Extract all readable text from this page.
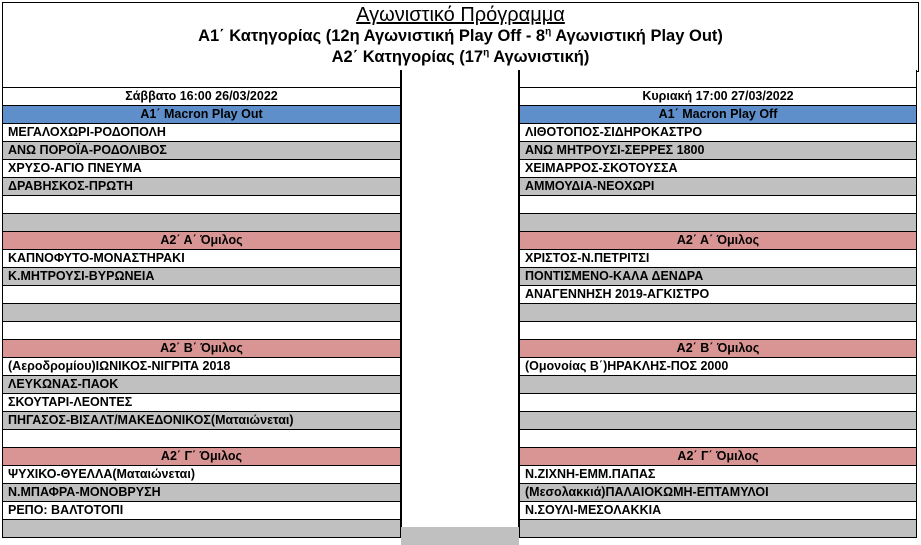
Αγωνιστικό Πρόγραμμα
Α1΄ Κατηγορίας (12η Αγωνιστική Play Off - $8^\eta$ Αγωνιστική Play Out)
Α2΄ Κατηγορίας ($17^\eta$ Αγωνιστική)
Σάββατο 16:00 26/03/2022
Α1΄ Macron Play Out
ΜΕΓΑΛΟΧΩΡΙ-ΡΟΔΟΠΟΛΗ
ΑΝΩ ΠΟΡΟΪΑ-ΡΟΔΟΛΙΒΟΣ
ΧΡΥΣΟ-ΑΓΙΟ ΠΝΕΥΜΑ
ΔΡΑΒΗΣΚΟΣ-ΠΡΩΤΗ
Α2΄ Α΄ Όμιλος
ΚΑΠΝΟΦΥΤΟ-ΜΟΝΑΣΤΗΡΑΚΙ
Κ.ΜΗΤΡΟΥΣΙ-ΒΥΡΩΝΕΙΑ
Α2΄ Β΄ Όμιλος
(Αεροδρομίου)ΙΩΝΙΚΟΣ-ΝΙΓΡΙΤΑ 2018
ΛΕΥΚΩΝΑΣ-ΠΑΟΚ
ΣΚΟΥΤΑΡΙ-ΛΕΟΝΤΕΣ
ΠΗΓΑΣΟΣ-ΒΙΣΑΛΤ/ΜΑΚΕΔΟΝΙΚΟΣ(Ματαιώνεται)
Α2΄ Γ΄ Όμιλος
ΨΥΧΙΚΟ-ΘΥΕΛΛΑ(Ματαιώνεται)
Ν.ΜΠΑΦΡΑ-ΜΟΝΟΒΡΥΣΗ
ΡΕΠΟ: ΒΑΛΤΟΤΟΠΙ
Κυριακή 17:00 27/03/2022
Α1΄ Macron Play Off
ΛΙΘΟΤΟΠΟΣ-ΣΙΔΗΡΟΚΑΣΤΡΟ
ΑΝΩ ΜΗΤΡΟΥΣΙ-ΣΕΡΡΕΣ 1800
ΧΕΙΜΑΡΡΟΣ-ΣΚΟΤΟΥΣΣΑ
ΑΜΜΟΥΔΙΑ-ΝΕΟΧΩΡΙ
Α2΄ Α΄ Όμιλος
ΧΡΙΣΤΟΣ-Ν.ΠΕΤΡΙΤΣΙ
ΠΟΝΤΙΣΜΕΝΟ-ΚΑΛΑ ΔΕΝΔΡΑ
ΑΝΑΓΕΝΝΗΣΗ 2019-ΑΓΚΙΣΤΡΟ
Α2΄ Β΄ Όμιλος
(Ομονοίας Β΄)ΗΡΑΚΛΗΣ-ΠΟΣ 2000
Α2΄ Γ΄ Όμιλος
Ν.ΖΙΧΝΗ-ΕΜΜ.ΠΑΠΑΣ
(Μεσολακκιά)ΠΑΛΑΙΟΚΩΜΗ-ΕΠΤΑΜΥΛΟΙ
Ν.ΣΟΥΛΙ-ΜΕΣΟΛΑΚΚΙΑ
